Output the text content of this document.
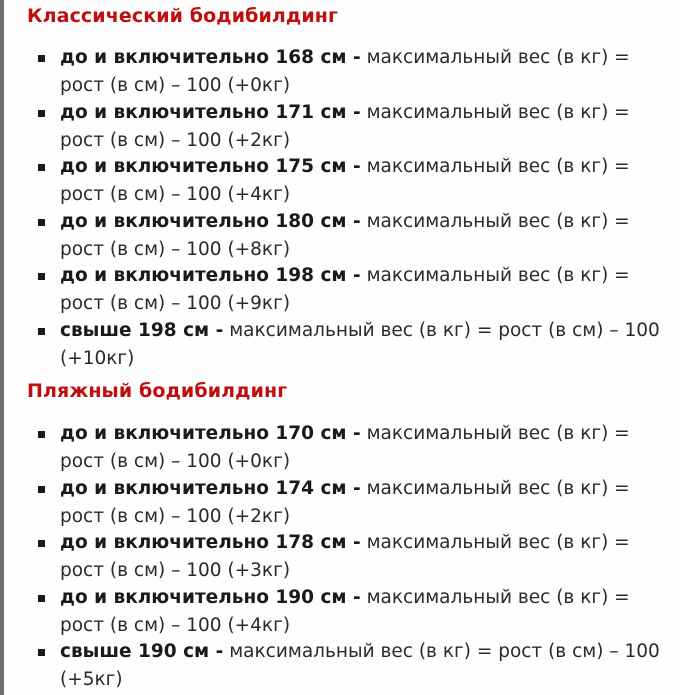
Классический бодибилдинг
до и включительно 168 см - максимальный вес (в кг) = рост (в см) – 100 (+0кг)
до и включительно 171 см - максимальный вес (в кг) = рост (в см) – 100 (+2кг)
до и включительно 175 см - максимальный вес (в кг) = рост (в см) – 100 (+4кг)
до и включительно 180 см - максимальный вес (в кг) = рост (в см) – 100 (+8кг)
до и включительно 198 см - максимальный вес (в кг) = рост (в см) – 100 (+9кг)
свыше 198 см - максимальный вес (в кг) = рост (в см) – 100 (+10кг)
Пляжный бодибилдинг
до и включительно 170 см - максимальный вес (в кг) = рост (в см) – 100 (+0кг)
до и включительно 174 см - максимальный вес (в кг) = рост (в см) – 100 (+2кг)
до и включительно 178 см - максимальный вес (в кг) = рост (в см) – 100 (+3кг)
до и включительно 190 см - максимальный вес (в кг) = рост (в см) – 100 (+4кг)
свыше 190 см - максимальный вес (в кг) = рост (в см) – 100 (+5кг)
